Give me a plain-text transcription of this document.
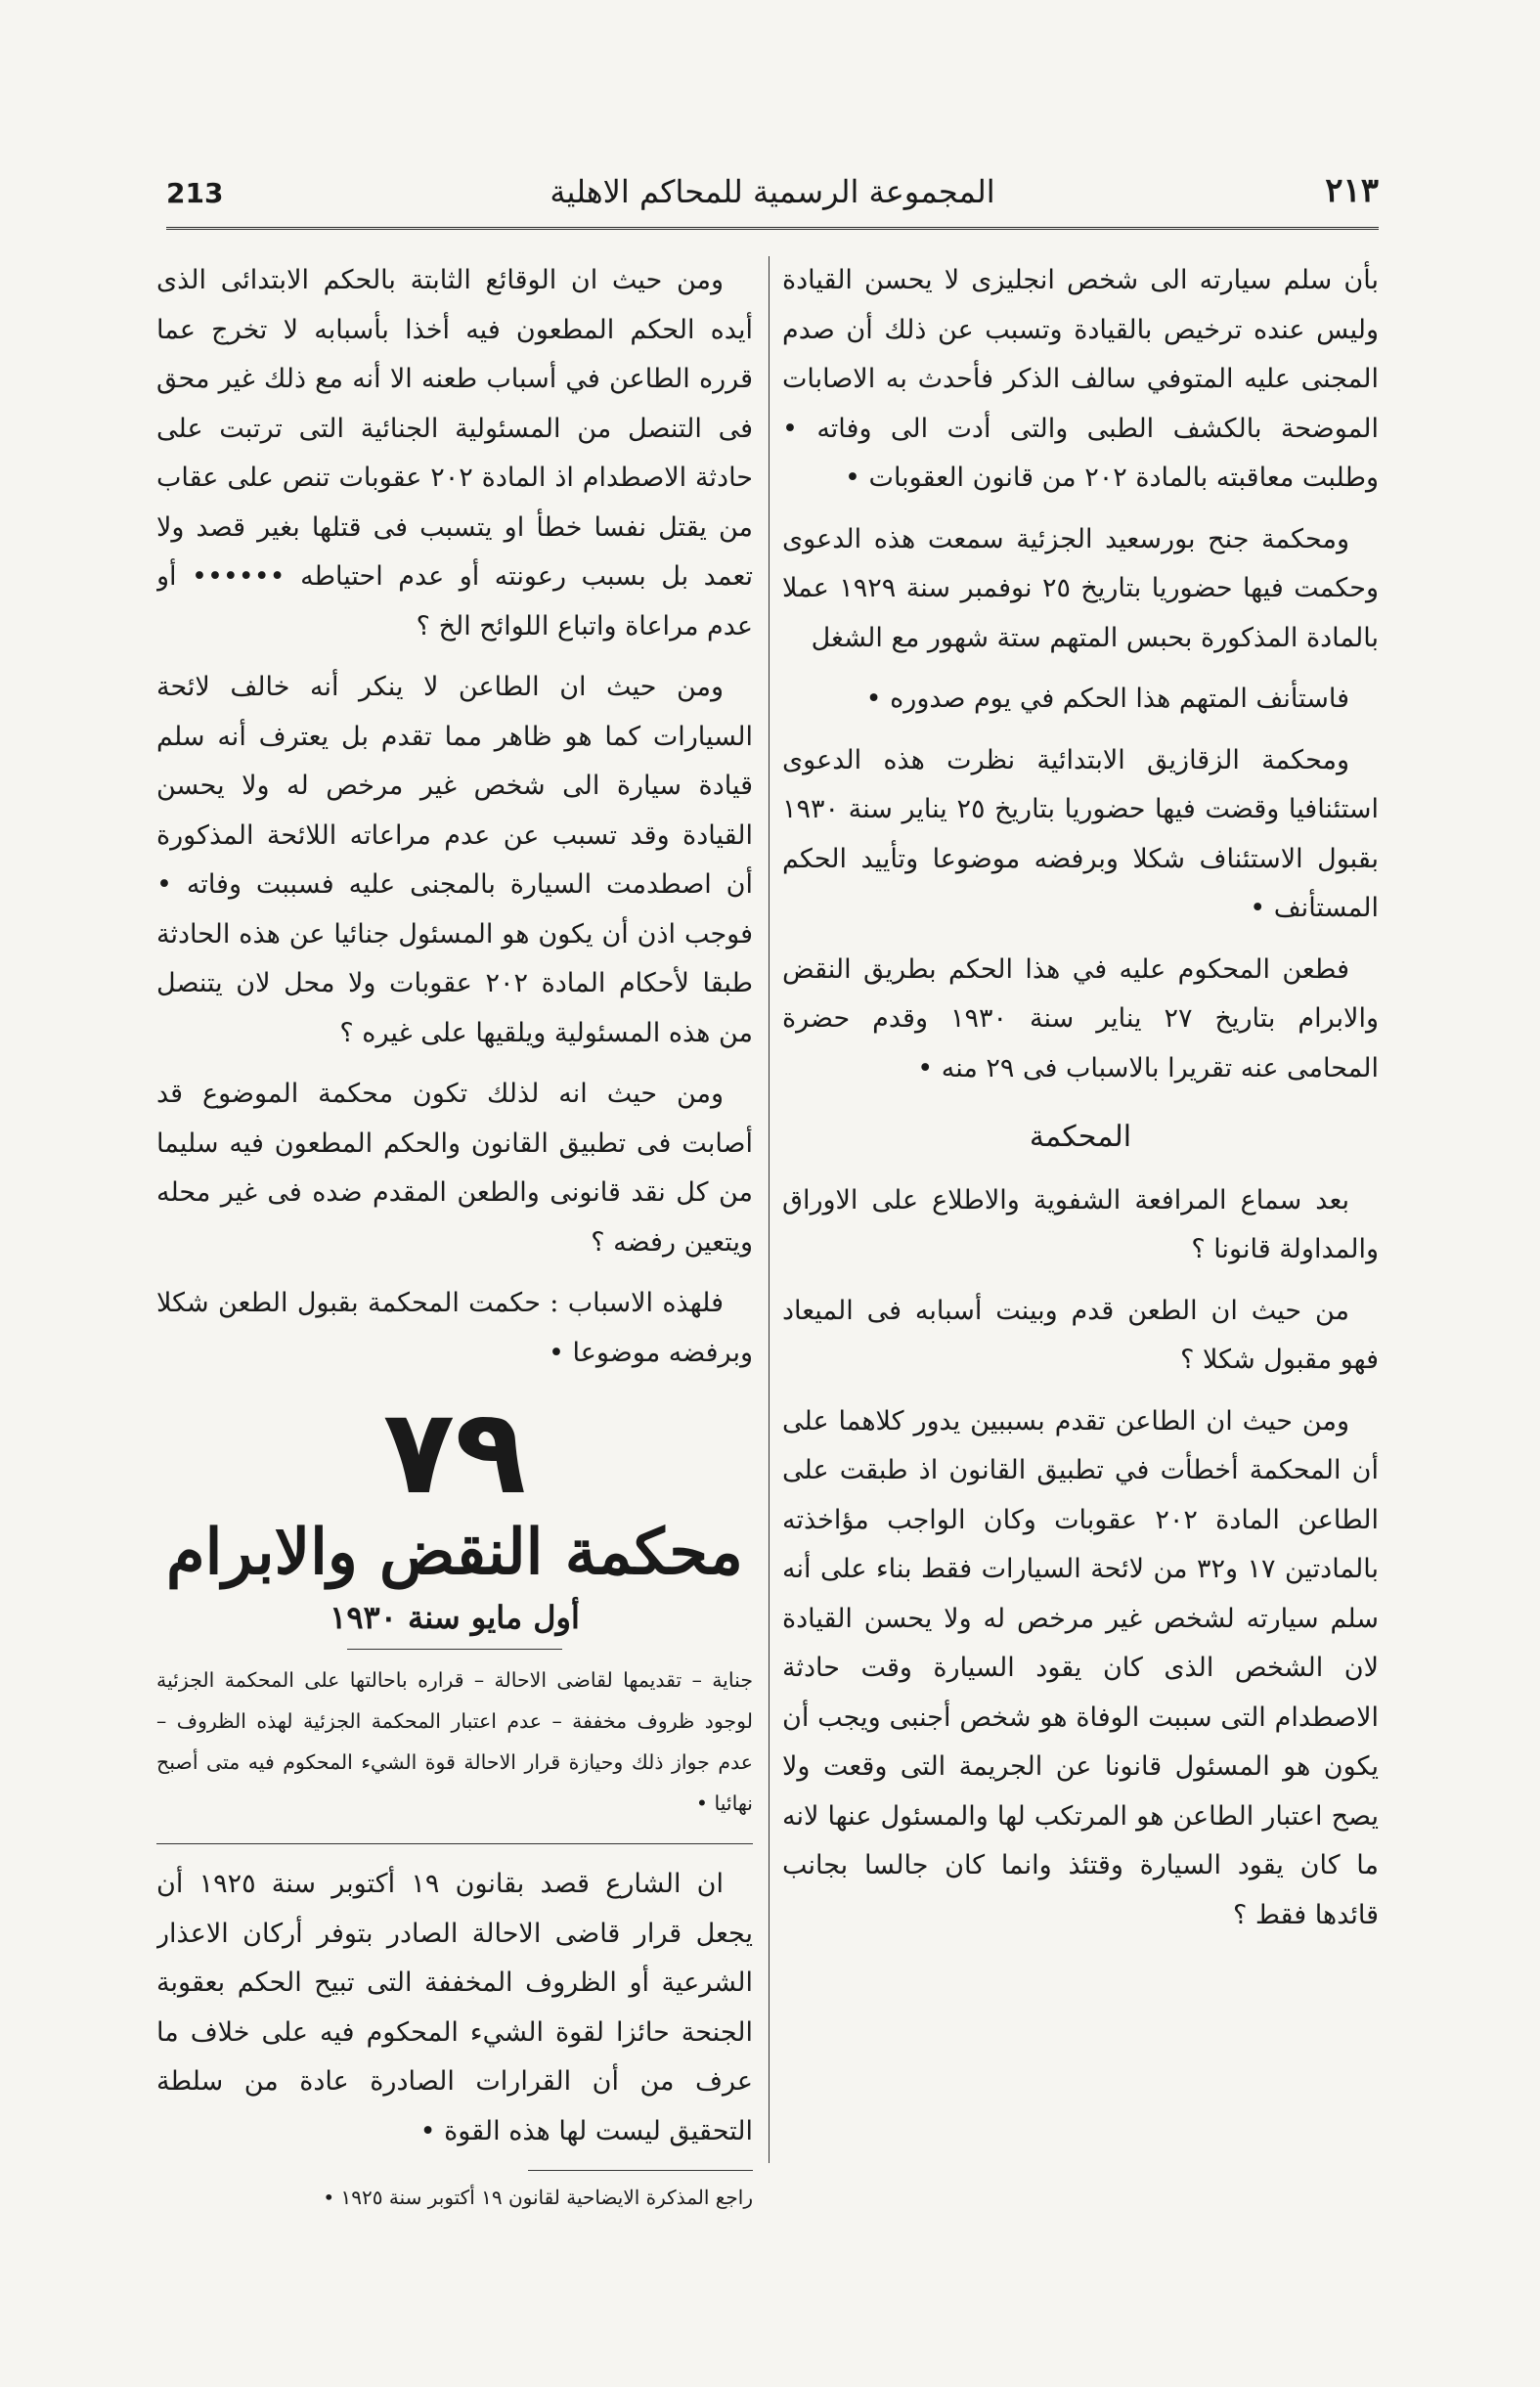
٢١٣
المجموعة الرسمية للمحاكم الاهلية
213

بأن سلم سيارته الى شخص انجليزى لا يحسن القيادة وليس عنده ترخيص بالقيادة وتسبب عن ذلك أن صدم المجنى عليه المتوفي سالف الذكر فأحدث به الاصابات الموضحة بالكشف الطبى والتى أدت الى وفاته • وطلبت معاقبته بالمادة ٢٠٢ من قانون العقوبات •

ومحكمة جنح بورسعيد الجزئية سمعت هذه الدعوى وحكمت فيها حضوريا بتاريخ ٢٥ نوفمبر سنة ١٩٢٩ عملا بالمادة المذكورة بحبس المتهم ستة شهور مع الشغل

فاستأنف المتهم هذا الحكم في يوم صدوره •

ومحكمة الزقازيق الابتدائية نظرت هذه الدعوى استئنافيا وقضت فيها حضوريا بتاريخ ٢٥ يناير سنة ١٩٣٠ بقبول الاستئناف شكلا وبرفضه موضوعا وتأييد الحكم المستأنف •

فطعن المحكوم عليه في هذا الحكم بطريق النقض والابرام بتاريخ ٢٧ يناير سنة ١٩٣٠ وقدم حضرة المحامى عنه تقريرا بالاسباب فى ٢٩ منه •

المحكمة

بعد سماع المرافعة الشفوية والاطلاع على الاوراق والمداولة قانونا ؟

من حيث ان الطعن قدم وبينت أسبابه فى الميعاد فهو مقبول شكلا ؟

ومن حيث ان الطاعن تقدم بسببين يدور كلاهما على أن المحكمة أخطأت في تطبيق القانون اذ طبقت على الطاعن المادة ٢٠٢ عقوبات وكان الواجب مؤاخذته بالمادتين ١٧ و٣٢ من لائحة السيارات فقط بناء على أنه سلم سيارته لشخص غير مرخص له ولا يحسن القيادة لان الشخص الذى كان يقود السيارة وقت حادثة الاصطدام التى سببت الوفاة هو شخص أجنبى ويجب أن يكون هو المسئول قانونا عن الجريمة التى وقعت ولا يصح اعتبار الطاعن هو المرتكب لها والمسئول عنها لانه ما كان يقود السيارة وقتئذ وانما كان جالسا بجانب قائدها فقط ؟

ومن حيث ان الوقائع الثابتة بالحكم الابتدائى الذى أيده الحكم المطعون فيه أخذا بأسبابه لا تخرج عما قرره الطاعن في أسباب طعنه الا أنه مع ذلك غير محق فى التنصل من المسئولية الجنائية التى ترتبت على حادثة الاصطدام اذ المادة ٢٠٢ عقوبات تنص على عقاب من يقتل نفسا خطأ او يتسبب فى قتلها بغير قصد ولا تعمد بل بسبب رعونته أو عدم احتياطه •••••• أو عدم مراعاة واتباع اللوائح الخ ؟

ومن حيث ان الطاعن لا ينكر أنه خالف لائحة السيارات كما هو ظاهر مما تقدم بل يعترف أنه سلم قيادة سيارة الى شخص غير مرخص له ولا يحسن القيادة وقد تسبب عن عدم مراعاته اللائحة المذكورة أن اصطدمت السيارة بالمجنى عليه فسببت وفاته • فوجب اذن أن يكون هو المسئول جنائيا عن هذه الحادثة طبقا لأحكام المادة ٢٠٢ عقوبات ولا محل لان يتنصل من هذه المسئولية ويلقيها على غيره ؟

ومن حيث انه لذلك تكون محكمة الموضوع قد أصابت فى تطبيق القانون والحكم المطعون فيه سليما من كل نقد قانونى والطعن المقدم ضده فى غير محله ويتعين رفضه ؟

فلهذه الاسباب : حكمت المحكمة بقبول الطعن شكلا وبرفضه موضوعا •

٧٩
محكمة النقض والابرام
أول مايو سنة ١٩٣٠
جناية – تقديمها لقاضى الاحالة – قراره باحالتها على المحكمة الجزئية لوجود ظروف مخففة – عدم اعتبار المحكمة الجزئية لهذه الظروف – عدم جواز ذلك وحيازة قرار الاحالة قوة الشيء المحكوم فيه متى أصبح نهائيا •

ان الشارع قصد بقانون ١٩ أكتوبر سنة ١٩٢٥ أن يجعل قرار قاضى الاحالة الصادر بتوفر أركان الاعذار الشرعية أو الظروف المخففة التى تبيح الحكم بعقوبة الجنحة حائزا لقوة الشيء المحكوم فيه على خلاف ما عرف من أن القرارات الصادرة عادة من سلطة التحقيق ليست لها هذه القوة •

راجع المذكرة الايضاحية لقانون ١٩ أكتوبر سنة ١٩٢٥ •
